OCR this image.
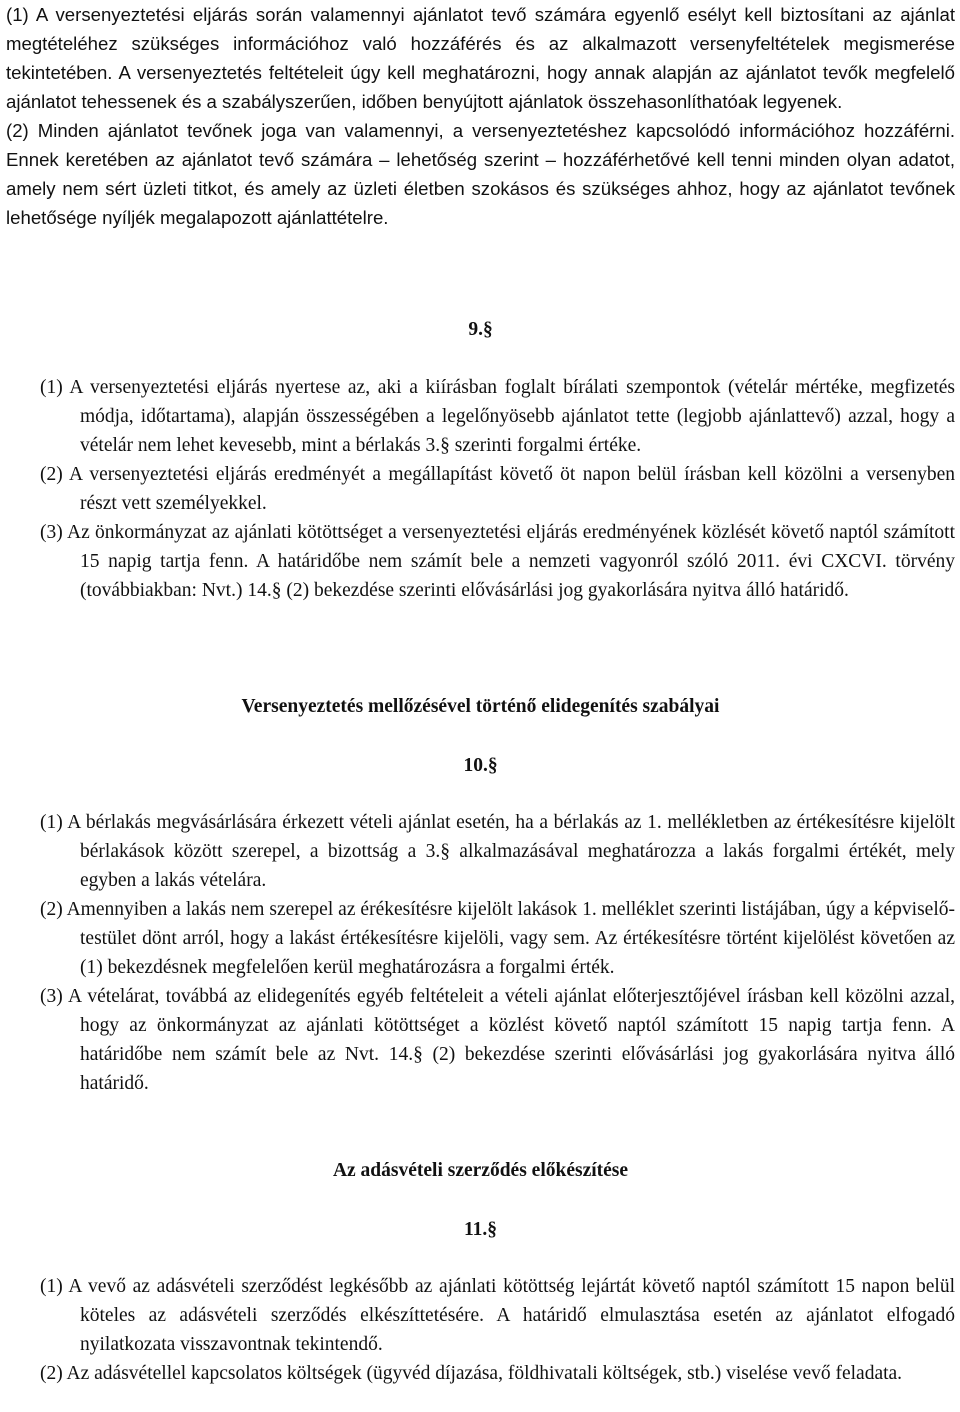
(1) A versenyeztetési eljárás során valamennyi ajánlatot tevő számára egyenlő esélyt kell biztosítani az ajánlat megtételéhez szükséges információhoz való hozzáférés és az alkalmazott versenyfeltételek megismerése tekintetében. A versenyeztetés feltételeit úgy kell meghatározni, hogy annak alapján az ajánlatot tevők megfelelő ajánlatot tehessenek és a szabályszerűen, időben benyújtott ajánlatok összehasonlíthatóak legyenek.

(2) Minden ajánlatot tevőnek joga van valamennyi, a versenyeztetéshez kapcsolódó információhoz hozzáférni. Ennek keretében az ajánlatot tevő számára – lehetőség szerint – hozzáférhetővé kell tenni minden olyan adatot, amely nem sért üzleti titkot, és amely az üzleti életben szokásos és szükséges ahhoz, hogy az ajánlatot tevőnek lehetősége nyíljék megalapozott ajánlattételre.

9.§

(1) A versenyeztetési eljárás nyertese az, aki a kiírásban foglalt bírálati szempontok (vételár mértéke, megfizetés módja, időtartama), alapján összességében a legelőnyösebb ajánlatot tette (legjobb ajánlattevő) azzal, hogy a vételár nem lehet kevesebb, mint a bérlakás 3.§ szerinti forgalmi értéke.

(2) A versenyeztetési eljárás eredményét a megállapítást követő öt napon belül írásban kell közölni a versenyben részt vett személyekkel.

(3) Az önkormányzat az ajánlati kötöttséget a versenyeztetési eljárás eredményének közlését követő naptól számított 15 napig tartja fenn. A határidőbe nem számít bele a nemzeti vagyonról szóló 2011. évi CXCVI. törvény (továbbiakban: Nvt.) 14.§ (2) bekezdése szerinti elővásárlási jog gyakorlására nyitva álló határidő.

Versenyeztetés mellőzésével történő elidegenítés szabályai

10.§

(1) A bérlakás megvásárlására érkezett vételi ajánlat esetén, ha a bérlakás az 1. mellékletben az értékesítésre kijelölt bérlakások között szerepel, a bizottság a 3.§ alkalmazásával meghatározza a lakás forgalmi értékét, mely egyben a lakás vételára.

(2) Amennyiben a lakás nem szerepel az érékesítésre kijelölt lakások 1. melléklet szerinti listájában, úgy a képviselő-testület dönt arról, hogy a lakást értékesítésre kijelöli, vagy sem. Az értékesítésre történt kijelölést követően az (1) bekezdésnek megfelelően kerül meghatározásra a forgalmi érték.

(3) A vételárat, továbbá az elidegenítés egyéb feltételeit a vételi ajánlat előterjesztőjével írásban kell közölni azzal, hogy az önkormányzat az ajánlati kötöttséget a közlést követő naptól számított 15 napig tartja fenn. A határidőbe nem számít bele az Nvt. 14.§ (2) bekezdése szerinti elővásárlási jog gyakorlására nyitva álló határidő.

Az adásvételi szerződés előkészítése

11.§

(1) A vevő az adásvételi szerződést legkésőbb az ajánlati kötöttség lejártát követő naptól számított 15 napon belül köteles az adásvételi szerződés elkészíttetésére. A határidő elmulasztása esetén az ajánlatot elfogadó nyilatkozata visszavontnak tekintendő.

(2) Az adásvétellel kapcsolatos költségek (ügyvéd díjazása, földhivatali költségek, stb.) viselése vevő feladata.
